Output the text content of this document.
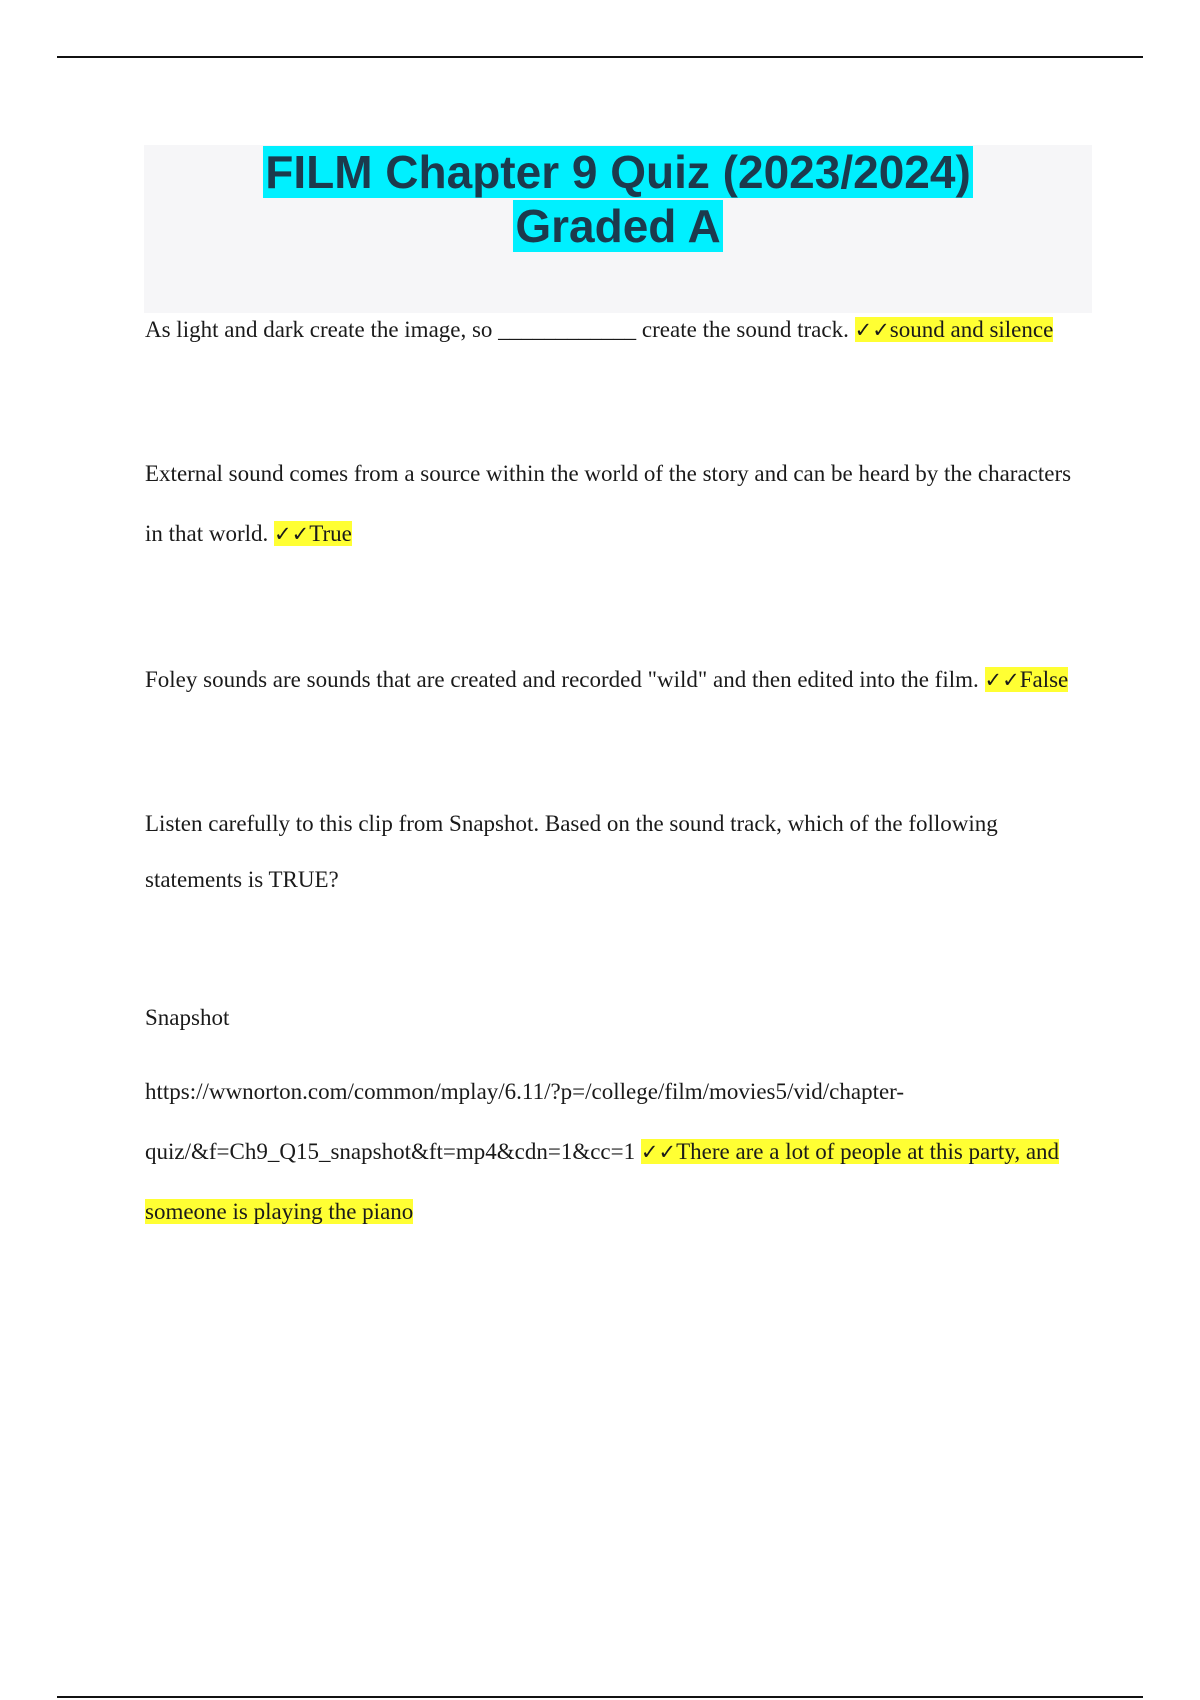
FILM Chapter 9 Quiz (2023/2024)
Graded A

As light and dark create the image, so ____________ create the sound track. ✓✓sound and silence

External sound comes from a source within the world of the story and can be heard by the characters in that world. ✓✓True

Foley sounds are sounds that are created and recorded "wild" and then edited into the film. ✓✓False

Listen carefully to this clip from Snapshot. Based on the sound track, which of the following statements is TRUE?

Snapshot

https://wwnorton.com/common/mplay/6.11/?p=/college/film/movies5/vid/chapter-quiz/&f=Ch9_Q15_snapshot&ft=mp4&cdn=1&cc=1 ✓✓There are a lot of people at this party, and someone is playing the piano
